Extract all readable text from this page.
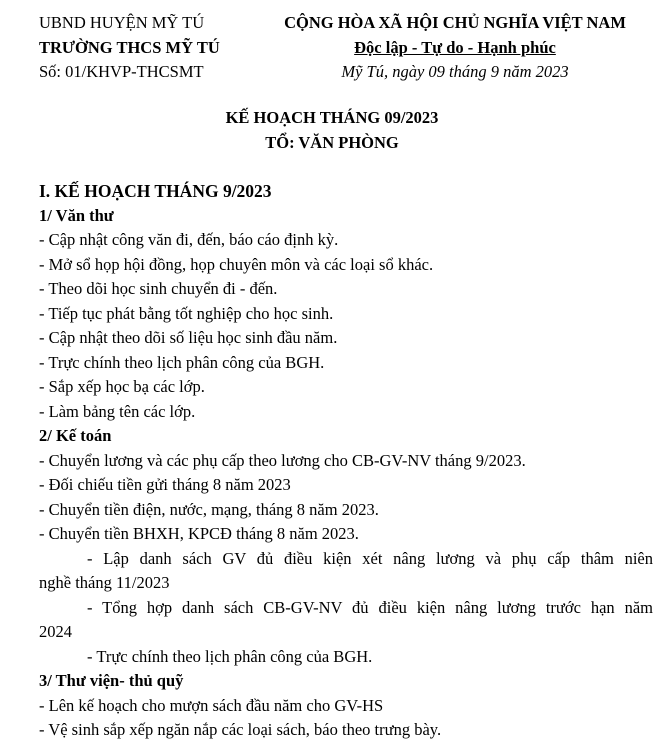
UBND HUYỆN MỸ TÚ
TRƯỜNG THCS MỸ TÚ
Số: 01/KHVP-THCSMT
CỘNG HÒA XÃ HỘI CHỦ NGHĨA VIỆT NAM
Độc lập - Tự do - Hạnh phúc
Mỹ Tú, ngày 09 tháng 9 năm 2023
KẾ HOẠCH THÁNG 09/2023
TỔ: VĂN PHÒNG
I. KẾ HOẠCH THÁNG 9/2023
1/ Văn thư
- Cập nhật công văn đi, đến, báo cáo định kỳ.
- Mở sổ họp hội đồng, họp chuyên môn và các loại sổ khác.
- Theo dõi học sinh chuyển đi - đến.
- Tiếp tục phát bằng tốt nghiệp cho học sinh.
- Cập nhật theo dõi số liệu học sinh đầu năm.
- Trực chính theo lịch phân công của BGH.
- Sắp xếp học bạ các lớp.
- Làm bảng tên các lớp.
2/ Kế toán
- Chuyển lương và các phụ cấp theo lương cho CB-GV-NV tháng 9/2023.
- Đối chiếu tiền gửi tháng 8 năm 2023
- Chuyển tiền điện, nước, mạng, tháng 8 năm 2023.
- Chuyển tiền BHXH, KPCĐ tháng 8 năm 2023.
- Lập danh sách GV đủ điều kiện xét nâng lương và phụ cấp thâm niên
nghề tháng 11/2023
- Tổng hợp danh sách CB-GV-NV đủ điều kiện nâng lương trước hạn năm
2024
- Trực chính theo lịch phân công của BGH.
3/ Thư viện- thủ quỹ
- Lên kế hoạch cho mượn sách đầu năm cho GV-HS
- Vệ sinh sắp xếp ngăn nắp các loại sách, báo theo trưng bày.
